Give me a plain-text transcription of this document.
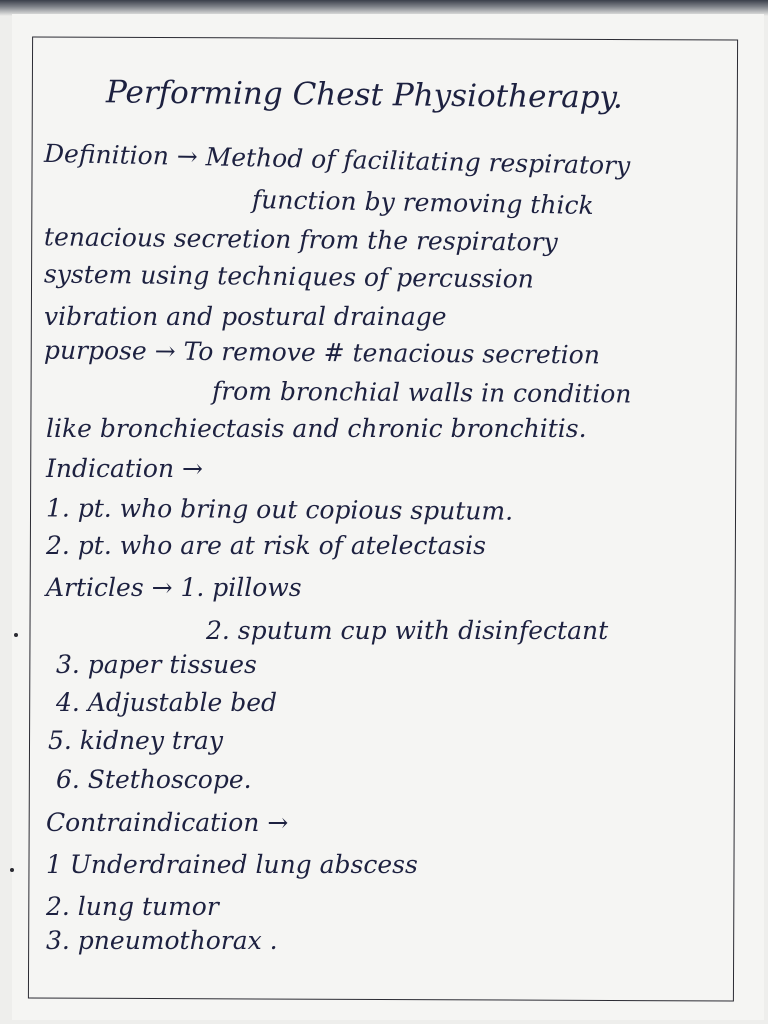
Performing Chest Physiotherapy.
Definition → Method of facilitating respiratory
function by removing thick
tenacious secretion from the respiratory
system using techniques of percussion
vibration and postural drainage
purpose → To remove # tenacious secretion
from bronchial walls in condition
like bronchiectasis and chronic bronchitis.
Indication →
1. pt. who bring out copious sputum.
2. pt. who are at risk of atelectasis
Articles → 1. pillows
2. sputum cup with disinfectant
3. paper tissues
4. Adjustable bed
5. kidney tray
6. Stethoscope.
Contraindication →
1 Underdrained lung abscess
2. lung tumor
3. pneumothorax .
